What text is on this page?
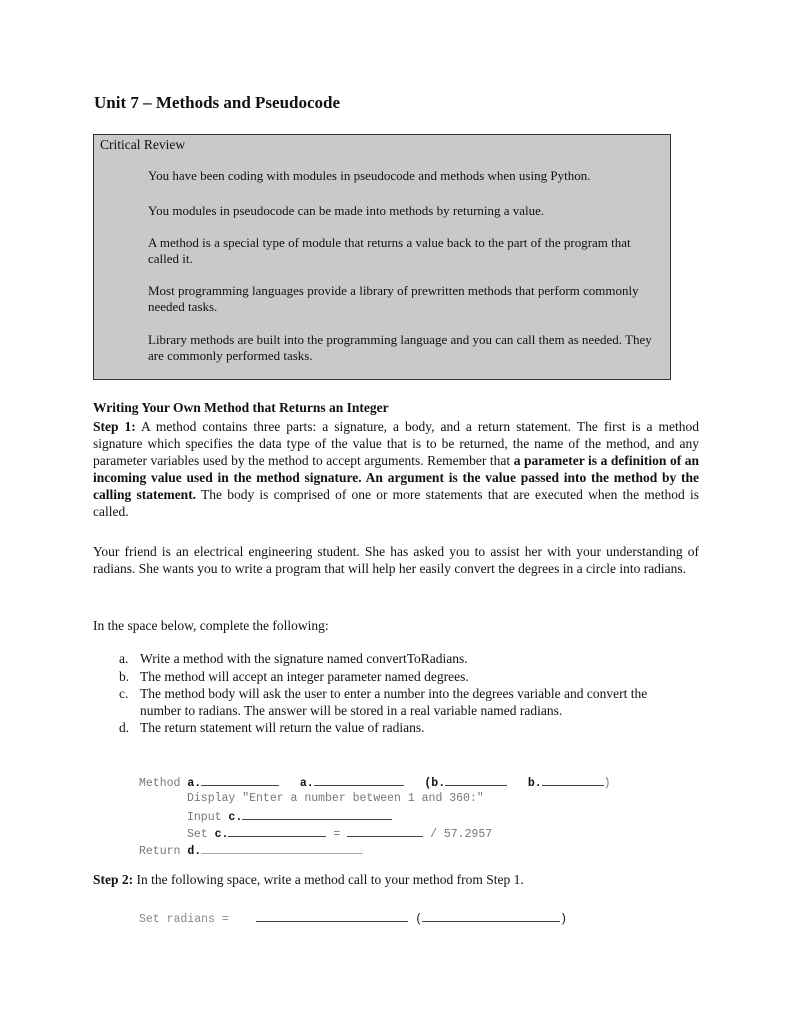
Unit 7 – Methods and Pseudocode
Critical Review

You have been coding with modules in pseudocode and methods when using Python.

You modules in pseudocode can be made into methods by returning a value.

A method is a special type of module that returns a value back to the part of the program that called it.

Most programming languages provide a library of prewritten methods that perform commonly needed tasks.

Library methods are built into the programming language and you can call them as needed. They are commonly performed tasks.

Writing Your Own Method that Returns an Integer

Step 1: A method contains three parts: a signature, a body, and a return statement. The first is a method signature which specifies the data type of the value that is to be returned, the name of the method, and any parameter variables used by the method to accept arguments. Remember that a parameter is a definition of an incoming value used in the method signature. An argument is the value passed into the method by the calling statement. The body is comprised of one or more statements that are executed when the method is called.

Your friend is an electrical engineering student. She has asked you to assist her with your understanding of radians. She wants you to write a program that will help her easily convert the degrees in a circle into radians.

In the space below, complete the following:

a. Write a method with the signature named convertToRadians.
b. The method will accept an integer parameter named degrees.
c. The method body will ask the user to enter a number into the degrees variable and convert the number to radians. The answer will be stored in a real variable named radians.
d. The return statement will return the value of radians.
Method a.	a.	(b.	b.	)
Display "Enter a number between 1 and 360:"
Input c.
Set c.	=	/ 57.2957
Return d.

Step 2: In the following space, write a method call to your method from Step 1.

Set radians =	(	)
